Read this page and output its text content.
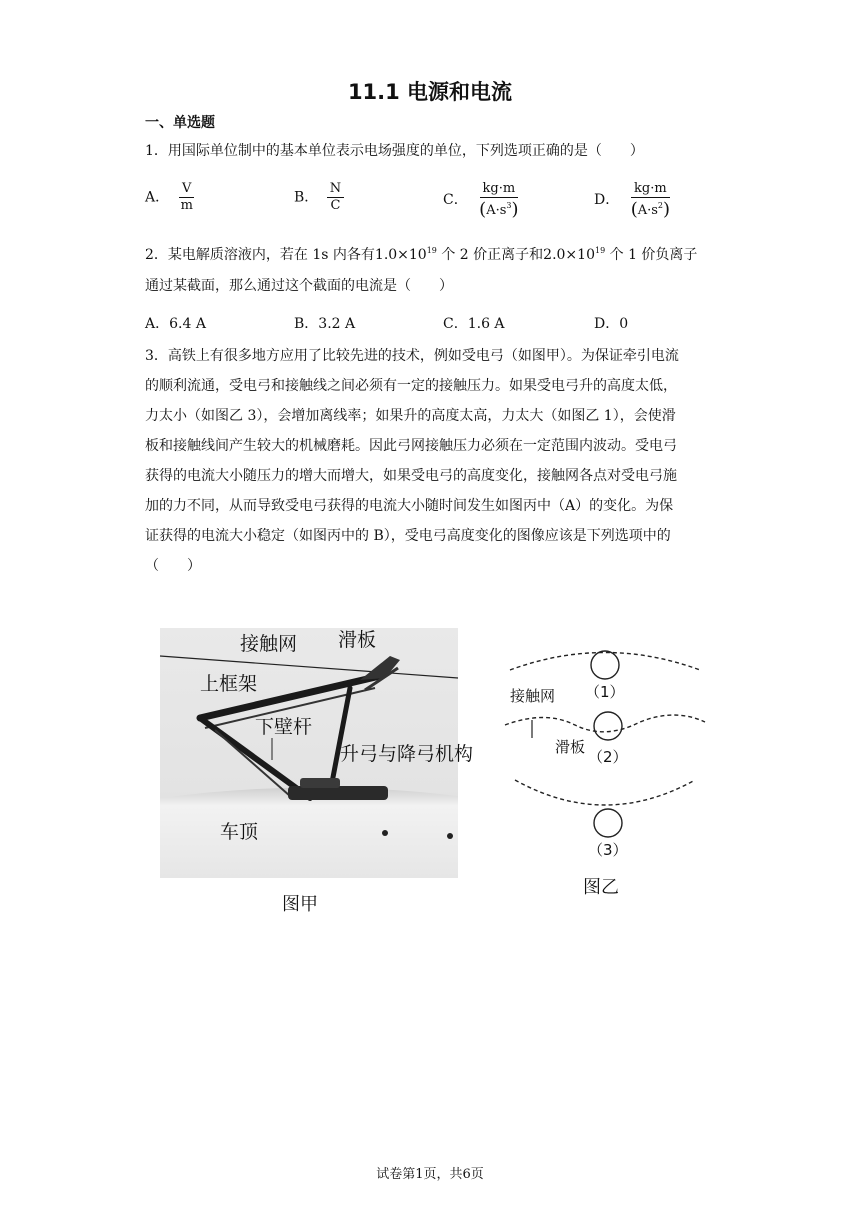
11.1 电源和电流
一、单选题
1．用国际单位制中的基本单位表示电场强度的单位，下列选项正确的是（　　）
A． $\frac{V}{m}$	B． $\frac{N}{C}$	C． $\frac{kg\cdot m}{(A\cdot s^3)}$	D． $\frac{kg\cdot m}{(A\cdot s^2)}$
2．某电解质溶液内，若在 1s 内各有$1.0\times 10^{19}$ 个 2 价正离子和$2.0\times 10^{19}$ 个 1 价负离子
通过某截面，那么通过这个截面的电流是（　　）
A．6.4 A	B．3.2 A	C．1.6 A	D．0
3．高铁上有很多地方应用了比较先进的技术，例如受电弓（如图甲）。为保证牵引电流
的顺利流通，受电弓和接触线之间必须有一定的接触压力。如果受电弓升的高度太低，
力太小（如图乙 3），会增加离线率；如果升的高度太高，力太大（如图乙 1），会使滑
板和接触线间产生较大的机械磨耗。因此弓网接触压力必须在一定范围内波动。受电弓
获得的电流大小随压力的增大而增大，如果受电弓的高度变化，接触网各点对受电弓施
加的力不同，从而导致受电弓获得的电流大小随时间发生如图丙中（A）的变化。为保
证获得的电流大小稳定（如图丙中的 B），受电弓高度变化的图像应该是下列选项中的
（　　）
接触网 滑板
上框架
下壁杆
升弓与降弓机构
车顶
图甲
（1）
接触网
滑板
（2）
（3）
图乙
试卷第1页，共6页
